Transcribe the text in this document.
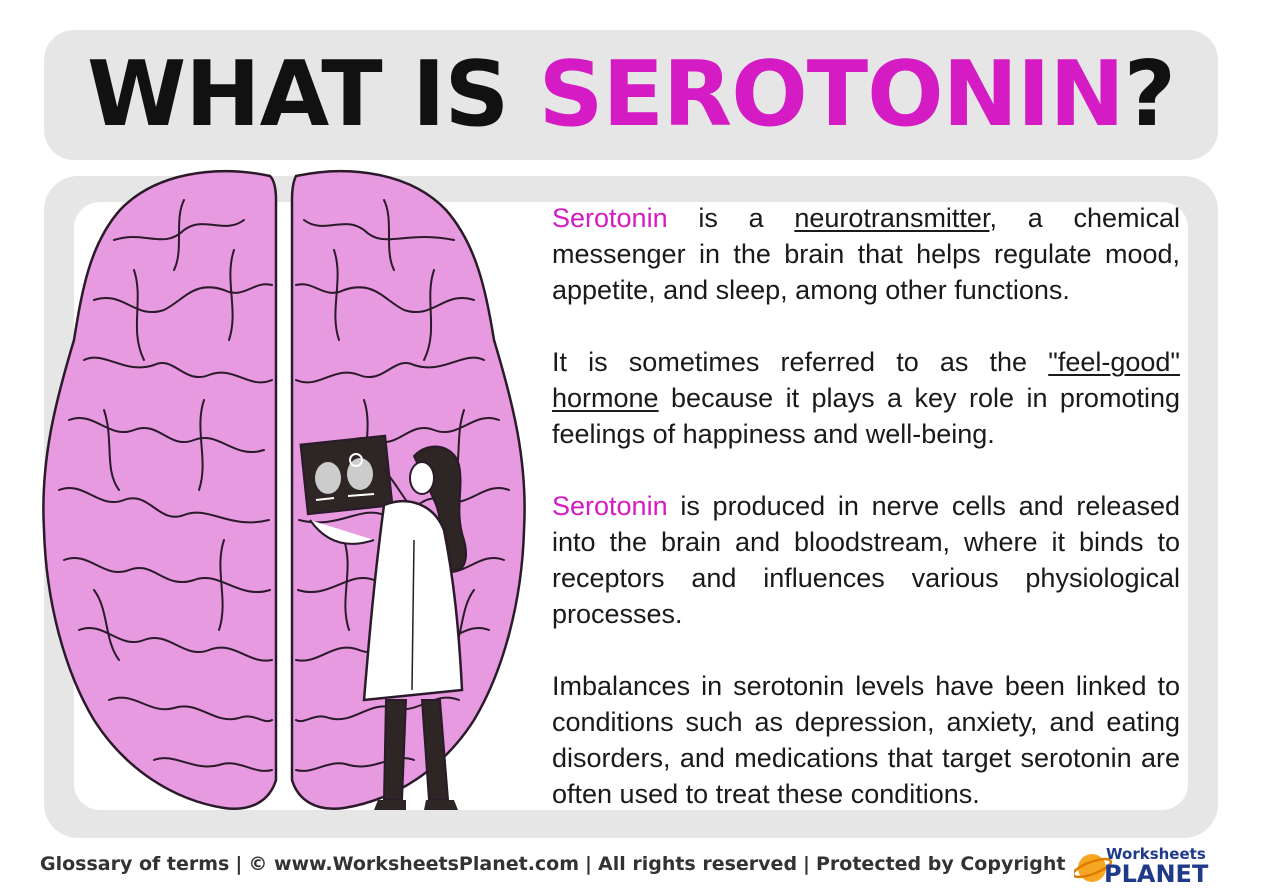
WHAT IS SEROTONIN?

Serotonin is a neurotransmitter, a chemical messenger in the brain that helps regulate mood, appetite, and sleep, among other functions.

It is sometimes referred to as the "feel-good" hormone because it plays a key role in promoting feelings of happiness and well-being.

Serotonin is produced in nerve cells and released into the brain and bloodstream, where it binds to receptors and influences various physiological processes.

Imbalances in serotonin levels have been linked to conditions such as depression, anxiety, and eating disorders, and medications that target serotonin are often used to treat these conditions.

Glossary of terms | © www.WorksheetsPlanet.com | All rights reserved | Protected by Copyright	Worksheets
PLANET
